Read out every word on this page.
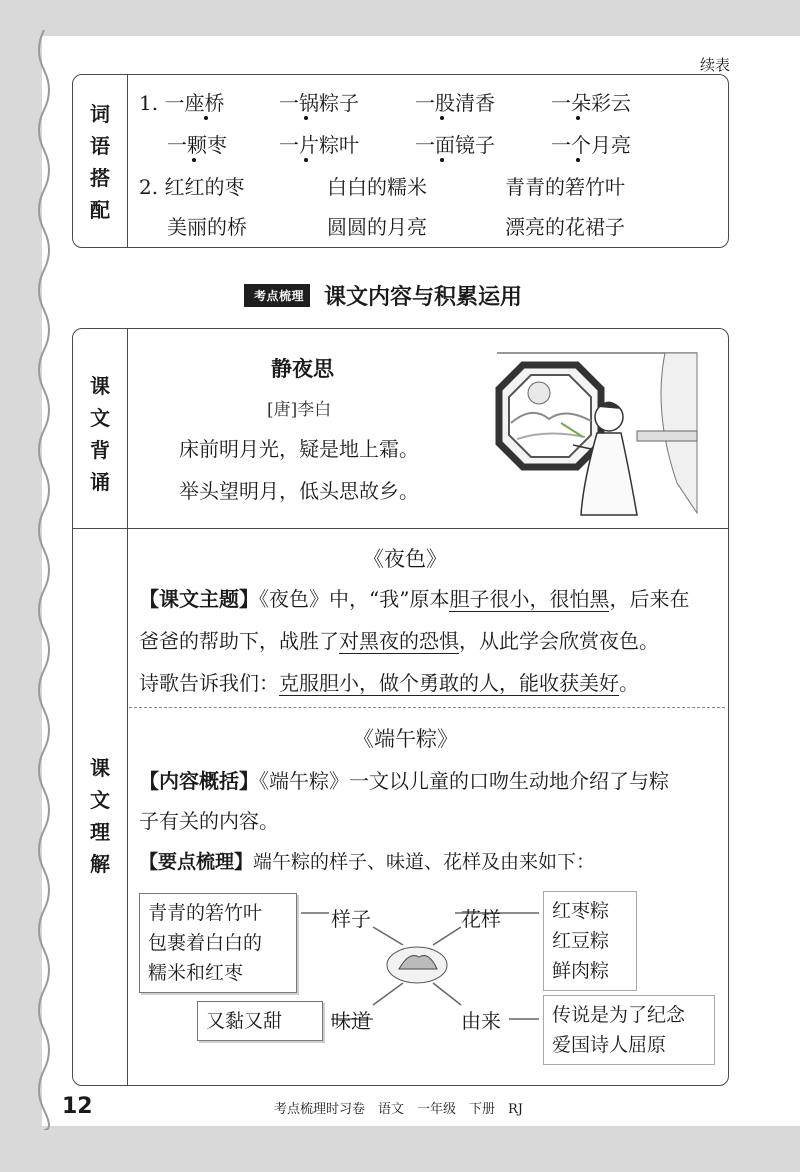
续表
词
语
搭
配
1. 一座桥	一锅粽子	一股清香	一朵彩云
一颗枣	一片粽叶	一面镜子	一个月亮
2. 红红的枣	白白的糯米	青青的箬竹叶
美丽的桥	圆圆的月亮	漂亮的花裙子
考点梳理 课文内容与积累运用
课
文
背
诵
课
文
理
解
静夜思
[唐]李白
床前明月光，疑是地上霜。
举头望明月，低头思故乡。
《夜色》
【课文主题】《夜色》中，“我”原本胆子很小，很怕黑，后来在
爸爸的帮助下，战胜了对黑夜的恐惧，从此学会欣赏夜色。
诗歌告诉我们：克服胆小，做个勇敢的人，能收获美好。
《端午粽》
【内容概括】《端午粽》一文以儿童的口吻生动地介绍了与粽
子有关的内容。
【要点梳理】端午粽的样子、味道、花样及由来如下：
青青的箬竹叶
包裹着白白的
糯米和红枣
样子	花样	红枣粽
红豆粽
鲜肉粽
又黏又甜	味道	由来	传说是为了纪念
爱国诗人屈原
12	考点梳理时习卷　语文　一年级　下册　RJ
